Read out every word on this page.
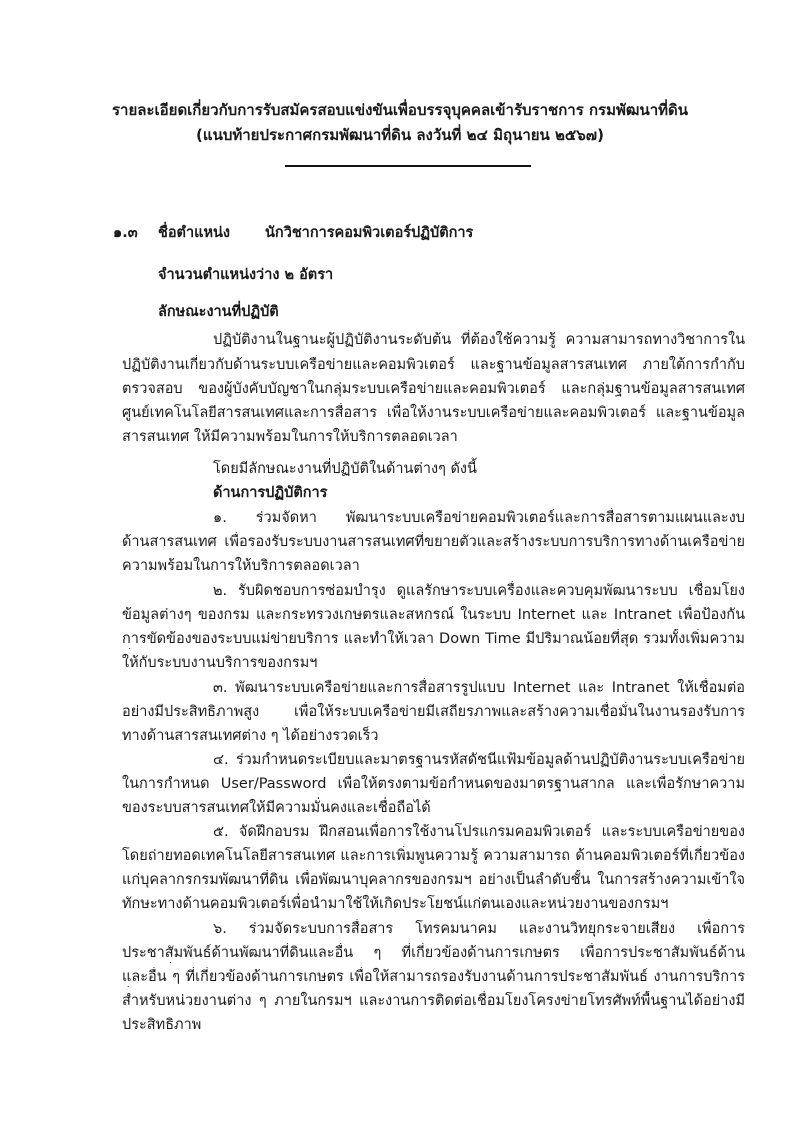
รายละเอียดเกี่ยวกับการรับสมัครสอบแข่งขันเพื่อบรรจุบุคคลเข้ารับราชการ กรมพัฒนาที่ดิน
(แนบท้ายประกาศกรมพัฒนาที่ดิน ลงวันที่ ๒๔ มิถุนายน ๒๕๖๗)
๑.๓ ชื่อตำแหน่ง นักวิชาการคอมพิวเตอร์ปฏิบัติการ
จำนวนตำแหน่งว่าง ๒ อัตรา
ลักษณะงานที่ปฏิบัติ
ปฏิบัติงานในฐานะผู้ปฏิบัติงานระดับต้น ที่ต้องใช้ความรู้ ความสามารถทางวิชาการใน
ปฏิบัติงานเกี่ยวกับด้านระบบเครือข่ายและคอมพิวเตอร์ และฐานข้อมูลสารสนเทศ ภายใต้การกำกับ
ตรวจสอบ ของผู้บังคับบัญชาในกลุ่มระบบเครือข่ายและคอมพิวเตอร์ และกลุ่มฐานข้อมูลสารสนเทศ
ศูนย์เทคโนโลยีสารสนเทศและการสื่อสาร เพื่อให้งานระบบเครือข่ายและคอมพิวเตอร์ และฐานข้อมูล
สารสนเทศ ให้มีความพร้อมในการให้บริการตลอดเวลา
โดยมีลักษณะงานที่ปฏิบัติในด้านต่างๆ ดังนี้
ด้านการปฏิบัติการ
๑. ร่วมจัดหา พัฒนาระบบเครือข่ายคอมพิวเตอร์และการสื่อสารตามแผนและงบ
ด้านสารสนเทศ เพื่อรองรับระบบงานสารสนเทศที่ขยายตัวและสร้างระบบการบริการทางด้านเครือข่าย
ความพร้อมในการให้บริการตลอดเวลา
๒. รับผิดชอบการซ่อมบำรุง ดูแลรักษาระบบเครื่องและควบคุมพัฒนาระบบ เชื่อมโยง
ข้อมูลต่างๆ ของกรม และกระทรวงเกษตรและสหกรณ์ ในระบบ Internet และ Intranet เพื่อป้องกัน
การขัดข้องของระบบแม่ข่ายบริการ และทำให้เวลา Down Time มีปริมาณน้อยที่สุด รวมทั้งเพิ่มความ
ให้กับระบบงานบริการของกรมฯ
๓. พัฒนาระบบเครือข่ายและการสื่อสารรูปแบบ Internet และ Intranet ให้เชื่อมต่อ
อย่างมีประสิทธิภาพสูง เพื่อให้ระบบเครือข่ายมีเสถียรภาพและสร้างความเชื่อมั่นในงานรองรับการ
ทางด้านสารสนเทศต่าง ๆ ได้อย่างรวดเร็ว
๔. ร่วมกำหนดระเบียบและมาตรฐานรหัสดัชนีแฟ้มข้อมูลด้านปฏิบัติงานระบบเครือข่าย
ในการกำหนด User/Password เพื่อให้ตรงตามข้อกำหนดของมาตรฐานสากล และเพื่อรักษาความ
ของระบบสารสนเทศให้มีความมั่นคงและเชื่อถือได้
๕. จัดฝึกอบรม ฝึกสอนเพื่อการใช้งานโปรแกรมคอมพิวเตอร์ และระบบเครือข่ายของ
โดยถ่ายทอดเทคโนโลยีสารสนเทศ และการเพิ่มพูนความรู้ ความสามารถ ด้านคอมพิวเตอร์ที่เกี่ยวข้อง
แก่บุคลากรกรมพัฒนาที่ดิน เพื่อพัฒนาบุคลากรของกรมฯ อย่างเป็นลำดับชั้น ในการสร้างความเข้าใจ
ทักษะทางด้านคอมพิวเตอร์เพื่อนำมาใช้ให้เกิดประโยชน์แก่ตนเองและหน่วยงานของกรมฯ
๖. ร่วมจัดระบบการสื่อสาร โทรคมนาคม และงานวิทยุกระจายเสียง เพื่อการ
ประชาสัมพันธ์ด้านพัฒนาที่ดินและอื่น ๆ ที่เกี่ยวข้องด้านการเกษตร เพื่อการประชาสัมพันธ์ด้าน
และอื่น ๆ ที่เกี่ยวข้องด้านการเกษตร เพื่อให้สามารถรองรับงานด้านการประชาสัมพันธ์ งานการบริการ
สำหรับหน่วยงานต่าง ๆ ภายในกรมฯ และงานการติดต่อเชื่อมโยงโครงข่ายโทรศัพท์พื้นฐานได้อย่างมี
ประสิทธิภาพ
